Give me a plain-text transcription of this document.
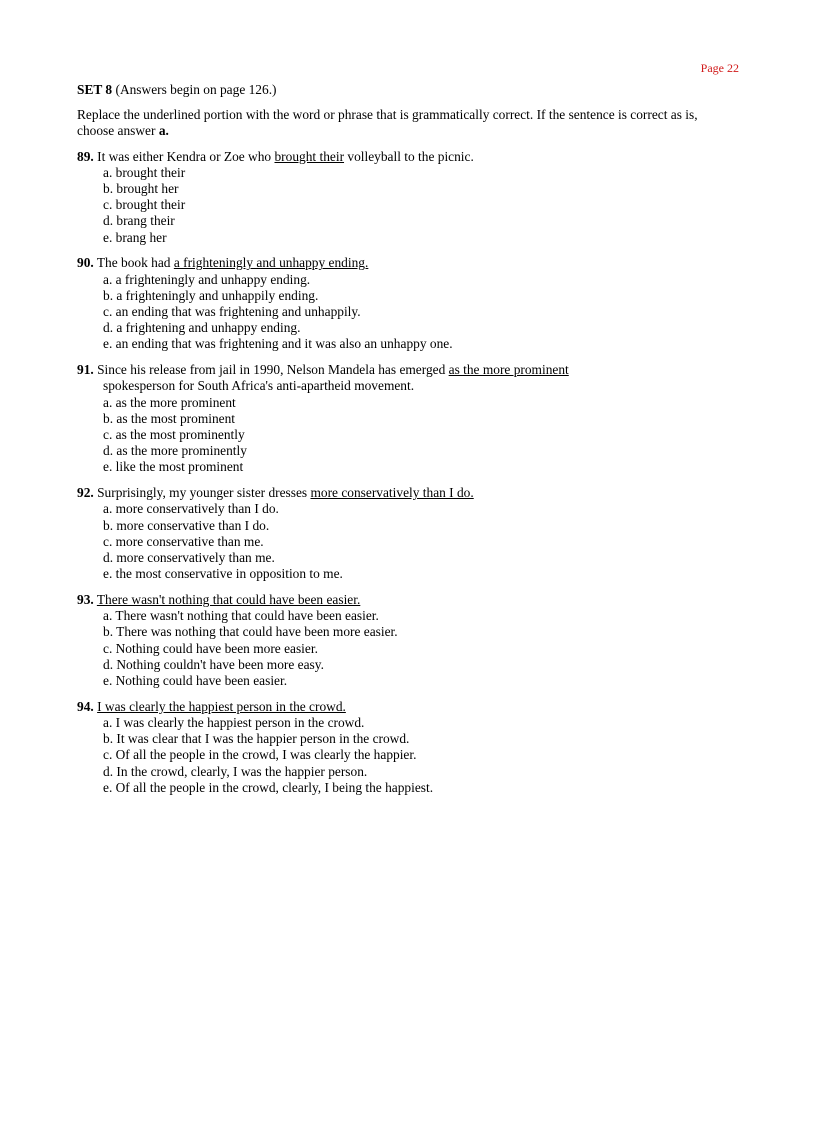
Page 22
SET 8 (Answers begin on page 126.)
Replace the underlined portion with the word or phrase that is grammatically correct. If the sentence is correct as is, choose answer a.
89. It was either Kendra or Zoe who brought their volleyball to the picnic.
a. brought their
b. brought her
c. brought their
d. brang their
e. brang her
90. The book had a frighteningly and unhappy ending.
a. a frighteningly and unhappy ending.
b. a frighteningly and unhappily ending.
c. an ending that was frightening and unhappily.
d. a frightening and unhappy ending.
e. an ending that was frightening and it was also an unhappy one.
91. Since his release from jail in 1990, Nelson Mandela has emerged as the more prominent
spokesperson for South Africa's anti-apartheid movement.
a. as the more prominent
b. as the most prominent
c. as the most prominently
d. as the more prominently
e. like the most prominent
92. Surprisingly, my younger sister dresses more conservatively than I do.
a. more conservatively than I do.
b. more conservative than I do.
c. more conservative than me.
d. more conservatively than me.
e. the most conservative in opposition to me.
93. There wasn't nothing that could have been easier.
a. There wasn't nothing that could have been easier.
b. There was nothing that could have been more easier.
c. Nothing could have been more easier.
d. Nothing couldn't have been more easy.
e. Nothing could have been easier.
94. I was clearly the happiest person in the crowd.
a. I was clearly the happiest person in the crowd.
b. It was clear that I was the happier person in the crowd.
c. Of all the people in the crowd, I was clearly the happier.
d. In the crowd, clearly, I was the happier person.
e. Of all the people in the crowd, clearly, I being the happiest.
